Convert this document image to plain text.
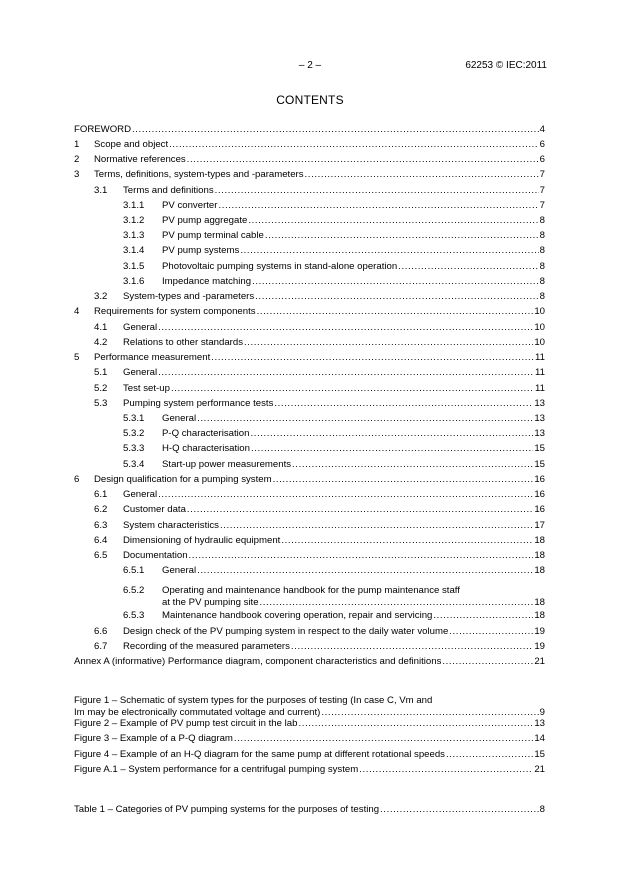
– 2 –	62253 © IEC:2011
CONTENTS
FOREWORD .....	4
1	Scope and object .....	6
2	Normative references .....	6
3	Terms, definitions, system-types and -parameters .....	7
3.1	Terms and definitions .....	7
3.1.1	PV converter .....	7
3.1.2	PV pump aggregate .....	8
3.1.3	PV pump terminal cable .....	8
3.1.4	PV pump systems .....	8
3.1.5	Photovoltaic pumping systems in stand-alone operation .....	8
3.1.6	Impedance matching .....	8
3.2	System-types and -parameters .....	8
4	Requirements for system components .....	10
4.1	General .....	10
4.2	Relations to other standards .....	10
5	Performance measurement .....	11
5.1	General .....	11
5.2	Test set-up .....	11
5.3	Pumping system performance tests .....	13
5.3.1	General .....	13
5.3.2	P-Q characterisation .....	13
5.3.3	H-Q characterisation .....	15
5.3.4	Start-up power measurements .....	15
6	Design qualification for a pumping system .....	16
6.1	General .....	16
6.2	Customer data .....	16
6.3	System characteristics .....	17
6.4	Dimensioning of hydraulic equipment .....	18
6.5	Documentation .....	18
6.5.1	General .....	18
6.5.2 Operating and maintenance handbook for the pump maintenance staff
at the PV pumping site .....	18
6.5.3	Maintenance handbook covering operation, repair and servicing .....	18
6.6	Design check of the PV pumping system in respect to the daily water volume .....	19
6.7	Recording of the measured parameters .....	19
Annex A (informative) Performance diagram, component characteristics and definitions .....	21
Figure 1 – Schematic of system types for the purposes of testing (In case C, Vm and
Im may be electronically commutated voltage and current) .....	9
Figure 2 – Example of PV pump test circuit in the lab .....	13
Figure 3 – Example of a P-Q diagram .....	14
Figure 4 – Example of an H-Q diagram for the same pump at different rotational speeds .....	15
Figure A.1 – System performance for a centrifugal pumping system .....	21
Table 1 – Categories of PV pumping systems for the purposes of testing .....	8
